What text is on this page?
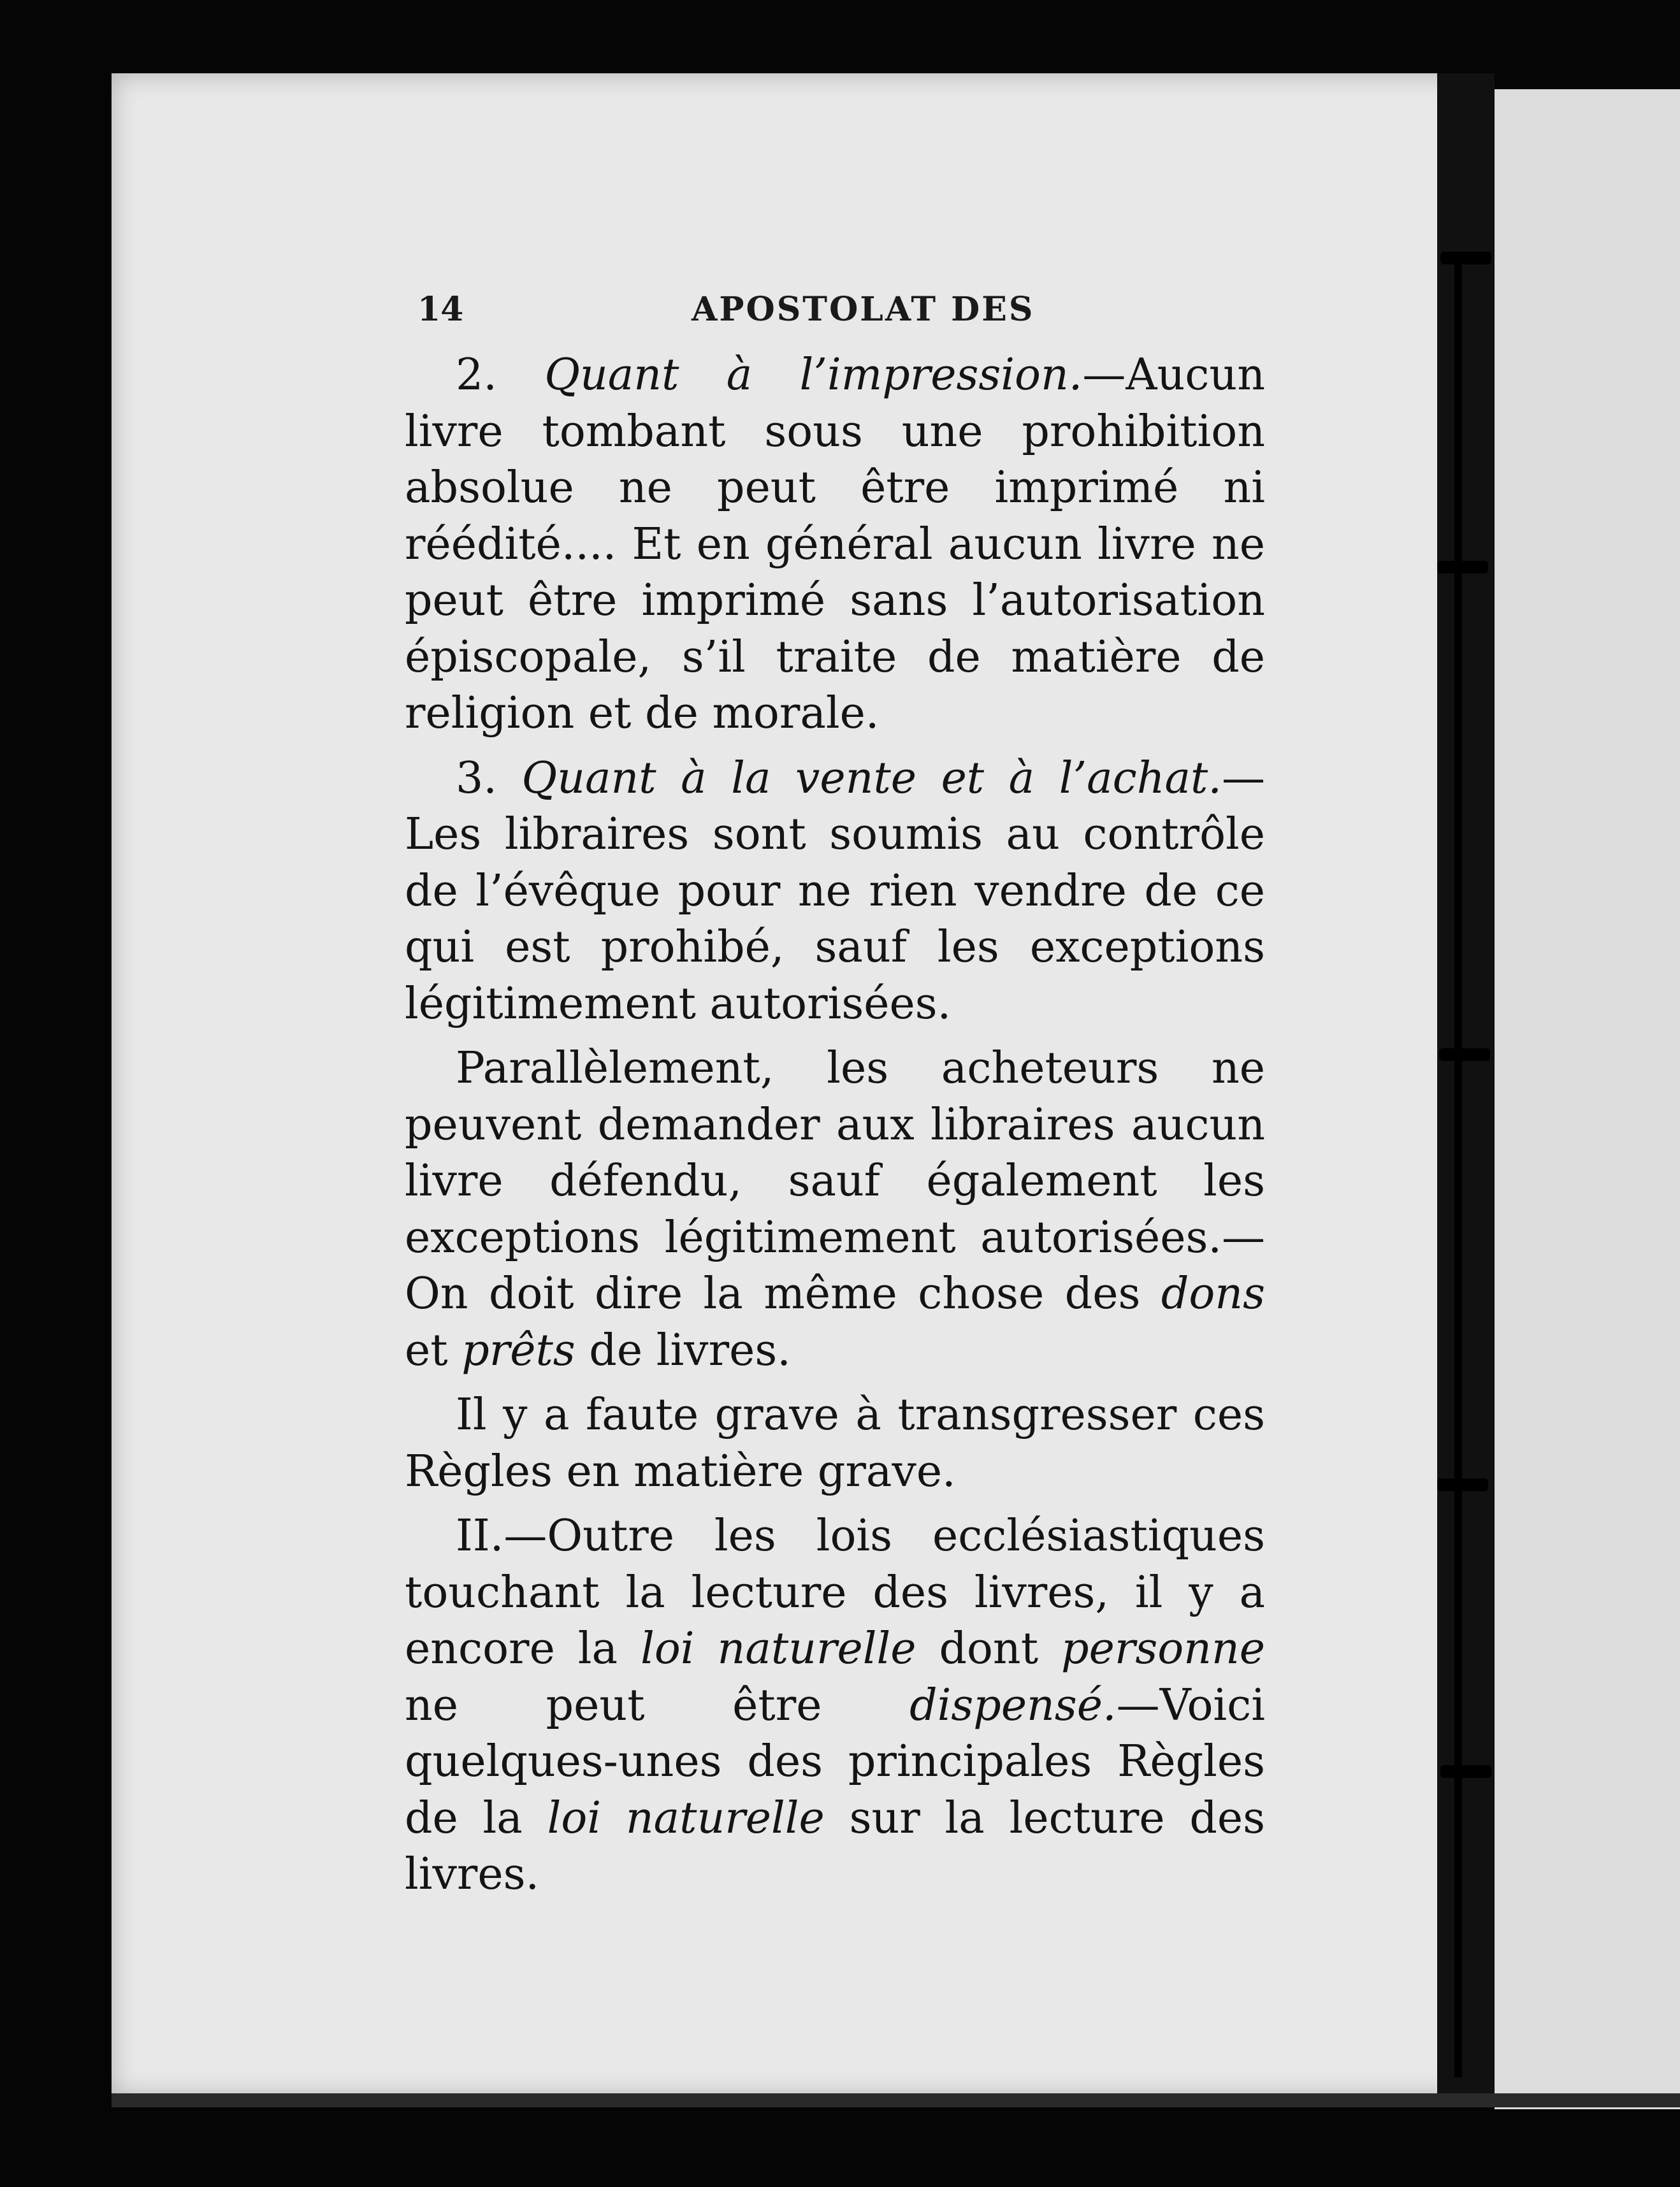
14	APOSTOLAT DES

2. Quant à l’impression.—Aucun livre tombant sous une prohibition absolue ne peut être imprimé ni réédité.... Et en général aucun livre ne peut être imprimé sans l’autorisation épiscopale, s’il traite de matière de religion et de morale.

3. Quant à la vente et à l’achat.—Les libraires sont soumis au contrôle de l’évêque pour ne rien vendre de ce qui est prohibé, sauf les exceptions légitimement autorisées.

Parallèlement, les acheteurs ne peuvent demander aux libraires aucun livre défendu, sauf également les exceptions légitimement autorisées.—On doit dire la même chose des dons et prêts de livres.

Il y a faute grave à transgresser ces Règles en matière grave.

II.—Outre les lois ecclésiastiques touchant la lecture des livres, il y a encore la loi naturelle dont personne ne peut être dispensé.—Voici quelques-unes des principales Règles de la loi naturelle sur la lecture des livres.
